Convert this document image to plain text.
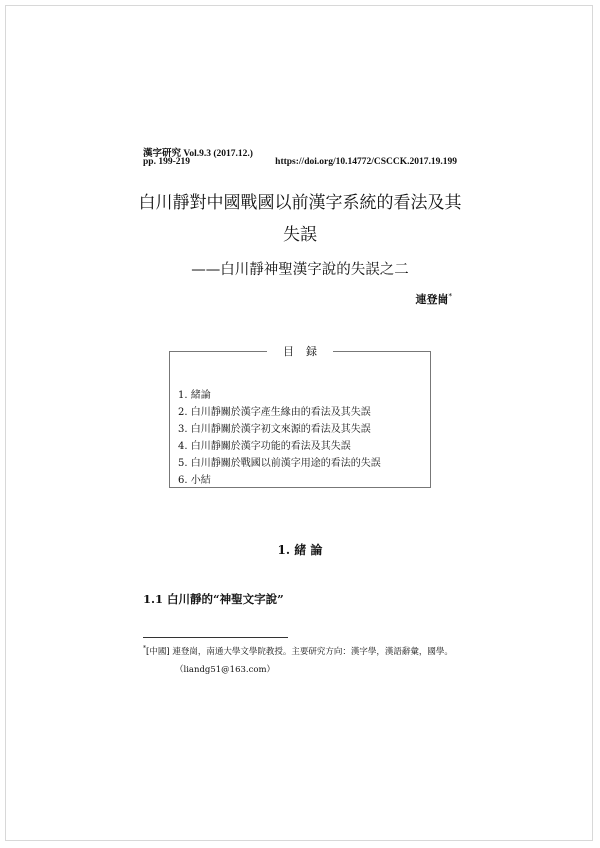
漢字研究 Vol.9.3 (2017.12.)
pp. 199-219	https://doi.org/10.14772/CSCCK.2017.19.199
白川靜對中國戰國以前漢字系統的看法及其
失誤
——白川靜神聖漢字說的失誤之二
連登崗*
目録
1. 緒論
2. 白川靜關於漢字產生緣由的看法及其失誤
3. 白川靜關於漢字初文來源的看法及其失誤
4. 白川靜關於漢字功能的看法及其失誤
5. 白川靜關於戰國以前漢字用途的看法的失誤
6. 小結
1. 緒 論
1.1 白川靜的“神聖文字說”
*[中國] 連登崗，南通大學文學院教授。主要研究方向：漢字學，漢語辭彙，國學。
（liandg51@163.com）
